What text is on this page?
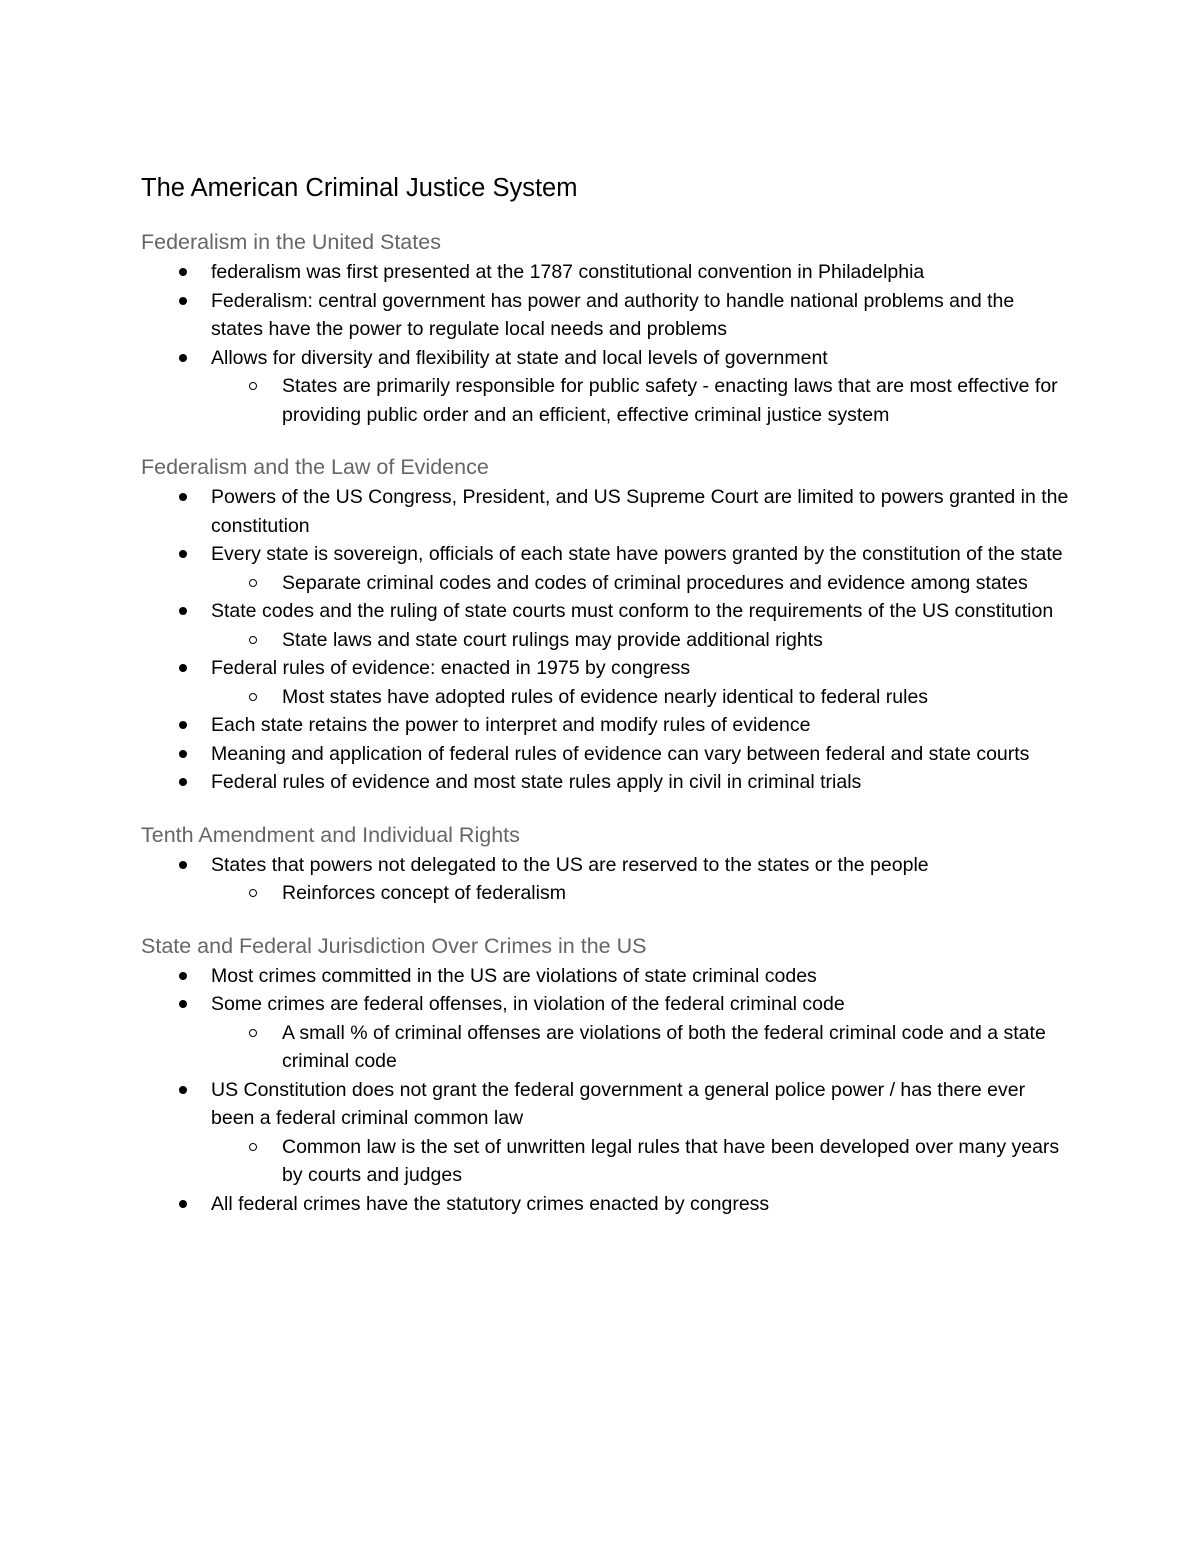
The American Criminal Justice System
Federalism in the United States
federalism was first presented at the 1787 constitutional convention in Philadelphia
Federalism: central government has power and authority to handle national problems and the states have the power to regulate local needs and problems
Allows for diversity and flexibility at state and local levels of government
States are primarily responsible for public safety - enacting laws that are most effective for providing public order and an efficient, effective criminal justice system
Federalism and the Law of Evidence
Powers of the US Congress, President, and US Supreme Court are limited to powers granted in the constitution
Every state is sovereign, officials of each state have powers granted by the constitution of the state
Separate criminal codes and codes of criminal procedures and evidence among states
State codes and the ruling of state courts must conform to the requirements of the US constitution
State laws and state court rulings may provide additional rights
Federal rules of evidence: enacted in 1975 by congress
Most states have adopted rules of evidence nearly identical to federal rules
Each state retains the power to interpret and modify rules of evidence
Meaning and application of federal rules of evidence can vary between federal and state courts
Federal rules of evidence and most state rules apply in civil in criminal trials
Tenth Amendment and Individual Rights
States that powers not delegated to the US are reserved to the states or the people
Reinforces concept of federalism
State and Federal Jurisdiction Over Crimes in the US
Most crimes committed in the US are violations of state criminal codes
Some crimes are federal offenses, in violation of the federal criminal code
A small % of criminal offenses are violations of both the federal criminal code and a state criminal code
US Constitution does not grant the federal government a general police power / has there ever been a federal criminal common law
Common law is the set of unwritten legal rules that have been developed over many years by courts and judges
All federal crimes have the statutory crimes enacted by congress
